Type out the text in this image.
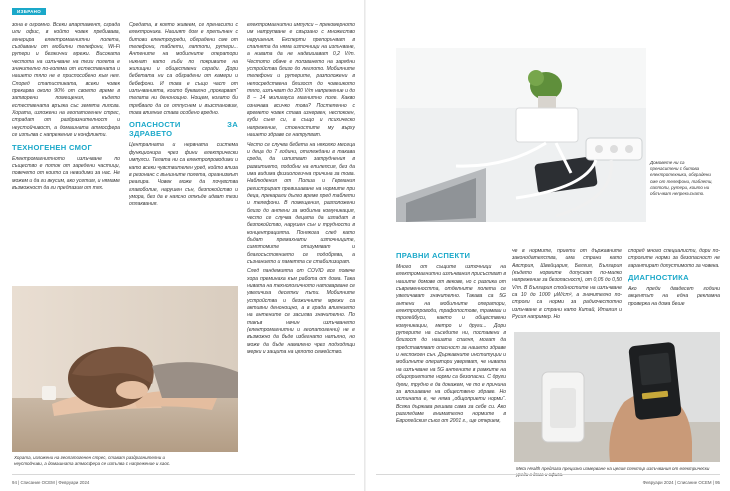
ИЗБРАНО

зона е огромно. Всеки апартамент, сграда или офис, в който човек пребивава, генерира електромагнитни полета, създавани от мобилни телефони, Wi-Fi рутери и безжични мрежи. Високата честота на излъчване на тези полета е значително по-голяма от естествената и нашето тяло не е приспособено към нея. Според статистиката, всеки човек прекарва около 90% от своето време в затворени помещения, където естествената връзка със земята липсва. Хората, изложени на геопатогенен стрес, страдат от раздразнителност и неустойчивост, а домашната атмосфера се изпълва с напрежение и конфликти.

ТЕХНОГЕНЕН СМОГ

Електромагнитното излъчване по същество е поток от заредени частици, повечето от които са невидими за нас. Не можем и да ги вкусим, ако усетим, и нямаме възможност да ги предпазим от тях.

Средата, в която живеем, се пренасити с електроника. Нашият дом е препълнен с битови електроуреди, обградени сме от телефони, таблети, лаптопи, рутери... Антените на мобилните оператори никнат като гъби по покривите на жилищни и обществени сгради. Дори бебетата ни са обградени от камери и бебефони. И това е също част от излъчванията, които буквално „прокарват“ телата ни денонощно. Нощем, когато би трябвало да се отпуснем и възстановим, това влияние става особено вредно.

ОПАСНОСТИ ЗА ЗДРАВЕТО

Централната и нервната система функционира чрез фини електрически импулси. Телата ни са електропроводими и като всеки чувствителен уред, който влиза в резонанс с външните полета, организмът реагира. Човек може да почувства главоболие, нарушен сън, безпокойство и умора, без да е наясно откъде идват тези оплаквания.

електромагнитни импулси – прекомерното им натрупване е свързано с множество нарушения. Експерти препоръчват в спалнята да няма източници на излъчване, а нивата да не надвишават 0,2 V/m. Честото обаче е ползването на зарядни устройства близо до леглото. Мобилните телефони и рутерите, разположени в непосредствена близост до човешкото тяло, излъчват до 200 V/m напрежение и до 8 – 14 милигауса магнитно поле. Какво означава всичко това? Постепенно с времето човек става изнервен, неспокоен, губи съня си, а също и психическо напрежение, стоеностите му върху нашето здраве се натрупват.

Често се случва бебета на няколко месеца и деца до 7 години, отглеждани в такава среда, да изпитват затруднения в развитието, подобни на епилепсия, без да има видима физиологична причина за това. Наблюдения от Полша и Германия регистрират превишаване на нормите при деца, прекарали дълго време пред таблети и телефони. В помещения, разположени близо до антени за мобилна комуникация, често се случва децата да изпадат в безпокойство, нарушен сън и трудности в концентрацията. Понякога след като бъдат премахнати източниците, симптомите отшумяват и благосъстоянието се подобрява, а съзнанието и паметта се стабилизират.

След пандемията от COVID все повече хора преминаха към работа от дома. Така нивата на технологичното натоварване се увеличиха десетки пъти. Мобилните устройства и безжичните мрежи са активни денонощно, а в града влиянието на антените се засилва значително. По такъв начин излъчването (електромагнитни и геопатогенни) не е възможно да бъде избегнато напълно, но може да бъде намалено чрез подходящи мерки и защита на цялото семейство.

Хората, изложени на геопатогенен стрес, стават раздразнителни и неустойчиви, а домашната атмосфера се изпълва с напрежение и хаос.
94 | Списание ОСЕМ | Февруари 2024
Домовете ни са пренаситени с битова електротехника, обградени сме от телефони, таблети, лаптопи, рутери, които ни облъчват непрекъснато.
ПРАВНИ АСПЕКТИ

Много от същите източници на електромагнитни излъчвания присъстват в нашите домове от векове, но с разлика от съвременността, отделните полета се увеличават значително. Такава са 5G антени на мобилните оператори, електропроводи, трафопостове, трамваи и тролейбуси, както и обществени комуникации, метро и други... Дори рутерите на съседите ни, поставени в близост до нашата спалня, могат да представляват опасност за нашето здраве и неспокоен сън. Държавните институции и мобилните оператори уверяват, че нивата на излъчване на 5G антените в рамките на общоприетите норми са безопасни. С други думи, трудно е да докажем, че то е причина за влошаване на обществено здраве. Но истината е, че няма „общоприети норми“. Всяка държава решава сама за себе си. Ако разгледаме внимателно нормите в Европейския съюз от 2001 г., ще открием,

че в нормите, приети от държавните законодателства, има страни като Австрия, Швейцария, Белгия, България (където нормите допускат по-малко напрежение за безопасност), от 0,05 до 0,50 V/m. В България стойностите на излъчване са 10 до 1000 µW/cm², а значително по-строги са норми за радиочестотно излъчване в страни като Китай, Италия и Русия например. Но

според много специалисти, дори по-строгите норми за безопасност не гарантират допустимото за човека.

ДИАГНОСТИКА

Ако преди двадесет години акцентът на една рекламна проверка на дома беше

Meta Health предлага прецизно измерване на целия спектър излъчвания от електрически
Февруари 2024 | Списание ОСЕМ | 95
